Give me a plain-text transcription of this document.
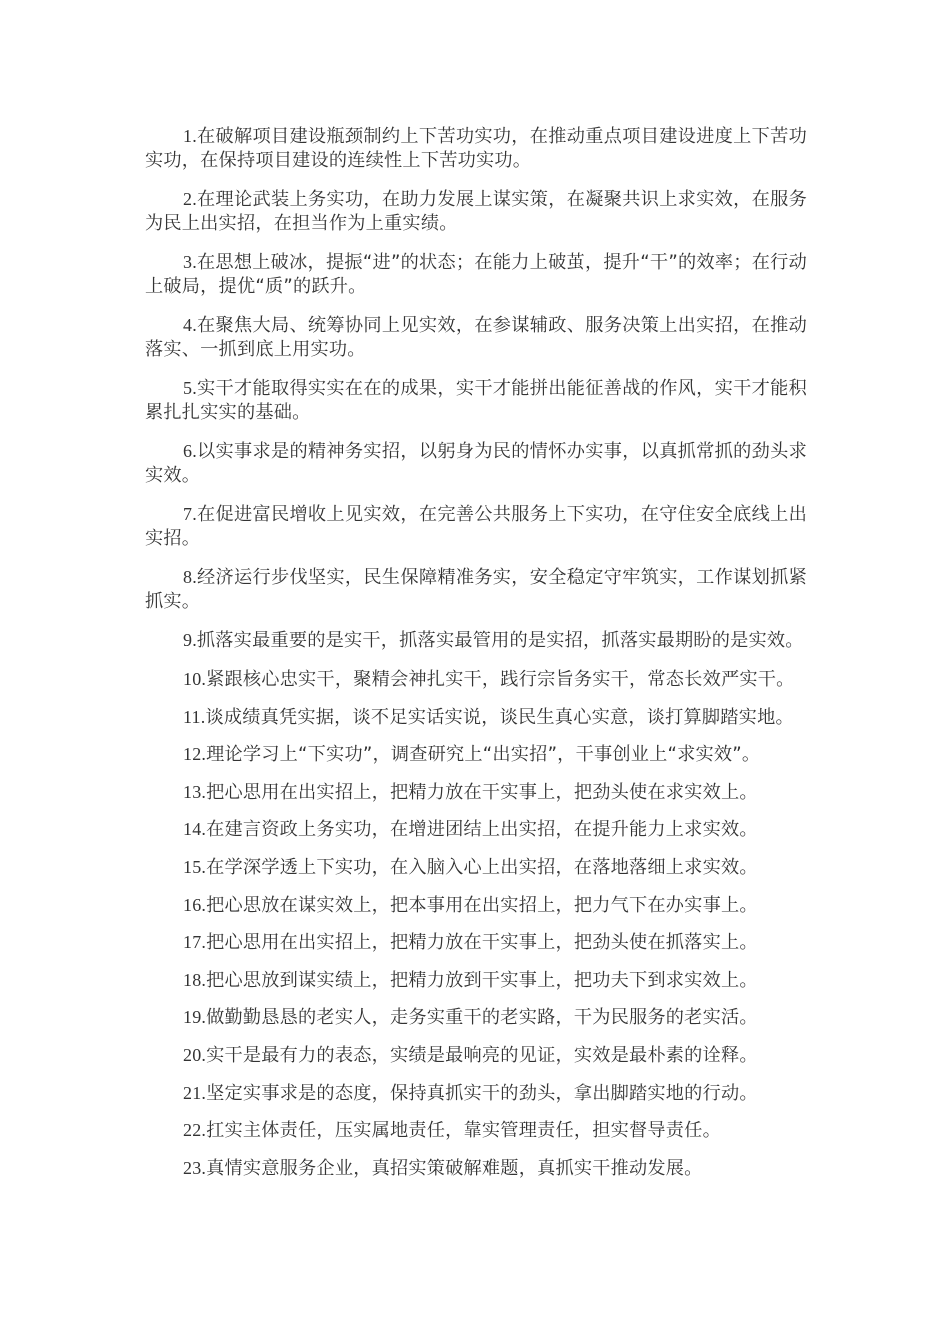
1.在破解项目建设瓶颈制约上下苦功实功，在推动重点项目建设进度上下苦功实功，在保持项目建设的连续性上下苦功实功。

2.在理论武装上务实功，在助力发展上谋实策，在凝聚共识上求实效，在服务为民上出实招，在担当作为上重实绩。

3.在思想上破冰，提振“进”的状态；在能力上破茧，提升“干”的效率；在行动上破局，提优“质”的跃升。

4.在聚焦大局、统筹协同上见实效，在参谋辅政、服务决策上出实招，在推动落实、一抓到底上用实功。

5.实干才能取得实实在在的成果，实干才能拼出能征善战的作风，实干才能积累扎扎实实的基础。

6.以实事求是的精神务实招，以躬身为民的情怀办实事，以真抓常抓的劲头求实效。

7.在促进富民增收上见实效，在完善公共服务上下实功，在守住安全底线上出实招。

8.经济运行步伐坚实，民生保障精准务实，安全稳定守牢筑实，工作谋划抓紧抓实。

9.抓落实最重要的是实干，抓落实最管用的是实招，抓落实最期盼的是实效。

10.紧跟核心忠实干，聚精会神扎实干，践行宗旨务实干，常态长效严实干。

11.谈成绩真凭实据，谈不足实话实说，谈民生真心实意，谈打算脚踏实地。

12.理论学习上“下实功”，调查研究上“出实招”，干事创业上“求实效”。

13.把心思用在出实招上，把精力放在干实事上，把劲头使在求实效上。

14.在建言资政上务实功，在增进团结上出实招，在提升能力上求实效。

15.在学深学透上下实功，在入脑入心上出实招，在落地落细上求实效。

16.把心思放在谋实效上，把本事用在出实招上，把力气下在办实事上。

17.把心思用在出实招上，把精力放在干实事上，把劲头使在抓落实上。

18.把心思放到谋实绩上，把精力放到干实事上，把功夫下到求实效上。

19.做勤勤恳恳的老实人，走务实重干的老实路，干为民服务的老实活。

20.实干是最有力的表态，实绩是最响亮的见证，实效是最朴素的诠释。

21.坚定实事求是的态度，保持真抓实干的劲头，拿出脚踏实地的行动。

22.扛实主体责任，压实属地责任，靠实管理责任，担实督导责任。

23.真情实意服务企业，真招实策破解难题，真抓实干推动发展。
